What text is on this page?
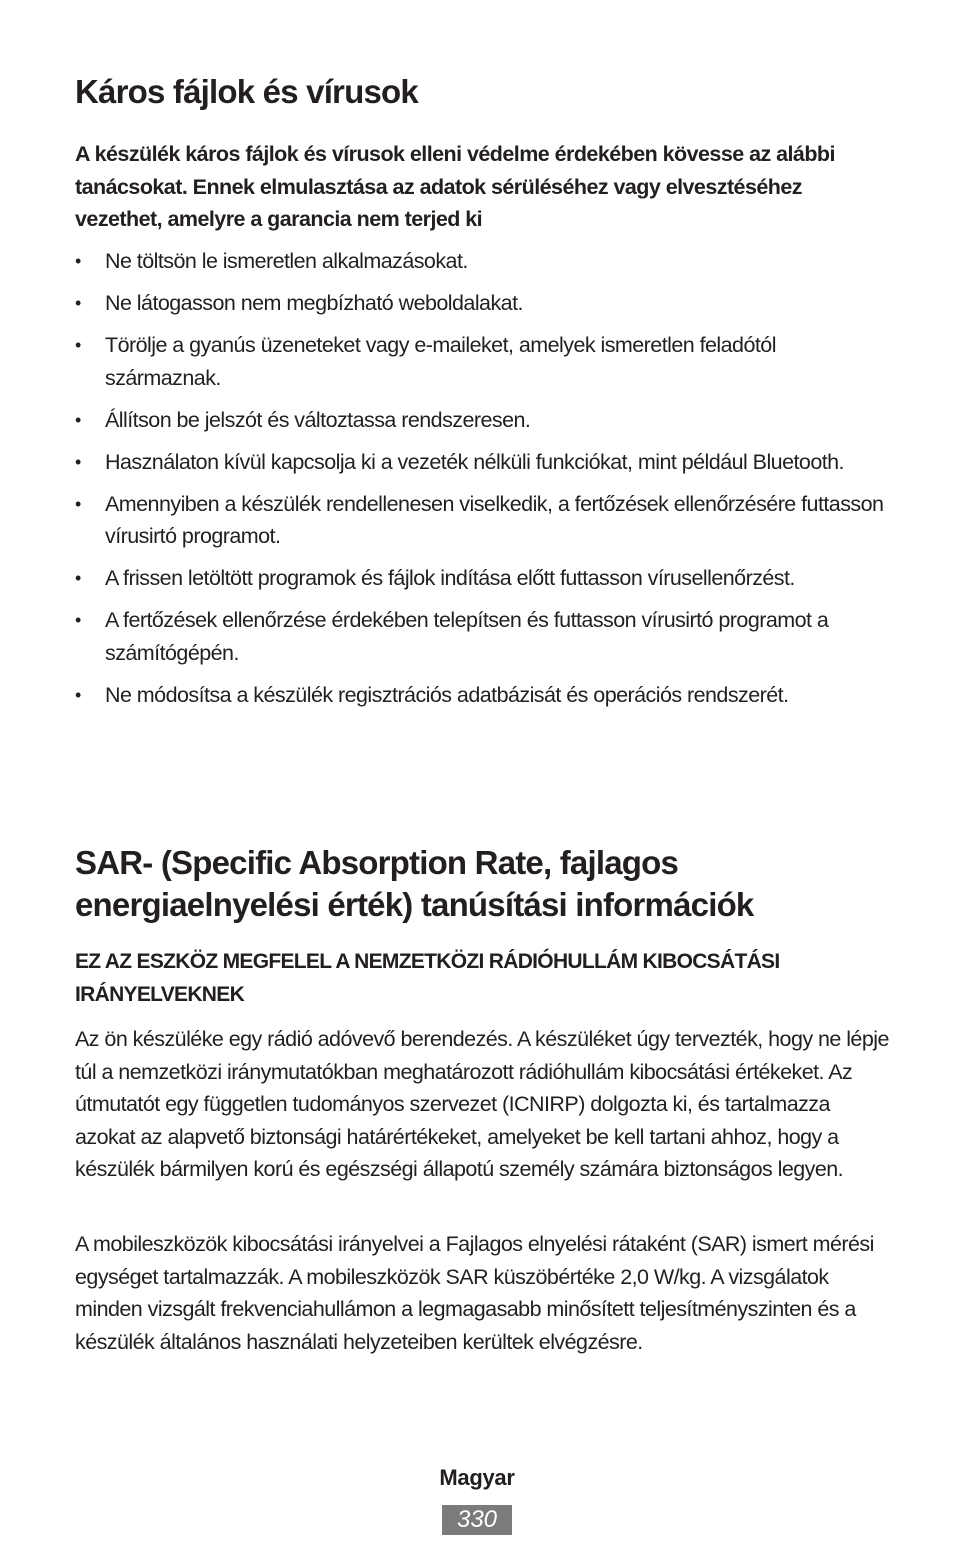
Káros fájlok és vírusok

A készülék káros fájlok és vírusok elleni védelme érdekében kövesse az alábbi tanácsokat. Ennek elmulasztása az adatok sérüléséhez vagy elvesztéséhez vezethet, amelyre a garancia nem terjed ki

• Ne töltsön le ismeretlen alkalmazásokat.
• Ne látogasson nem megbízható weboldalakat.
• Törölje a gyanús üzeneteket vagy e-maileket, amelyek ismeretlen feladótól származnak.
• Állítson be jelszót és változtassa rendszeresen.
• Használaton kívül kapcsolja ki a vezeték nélküli funkciókat, mint például Bluetooth.
• Amennyiben a készülék rendellenesen viselkedik, a fertőzések ellenőrzésére futtasson vírusirtó programot.
• A frissen letöltött programok és fájlok indítása előtt futtasson vírusellenőrzést.
• A fertőzések ellenőrzése érdekében telepítsen és futtasson vírusirtó programot a számítógépén.
• Ne módosítsa a készülék regisztrációs adatbázisát és operációs rendszerét.
SAR- (Specific Absorption Rate, fajlagos energiaelnyelési érték) tanúsítási információk

EZ AZ ESZKÖZ MEGFELEL A NEMZETKÖZI RÁDIÓHULLÁM KIBOCSÁTÁSI IRÁNYELVEKNEK

Az ön készüléke egy rádió adóvevő berendezés. A készüléket úgy tervezték, hogy ne lépje túl a nemzetközi iránymutatókban meghatározott rádióhullám kibocsátási értékeket. Az útmutatót egy független tudományos szervezet (ICNIRP) dolgozta ki, és tartalmazza azokat az alapvető biztonsági határértékeket, amelyeket be kell tartani ahhoz, hogy a készülék bármilyen korú és egészségi állapotú személy számára biztonságos legyen.

A mobileszközök kibocsátási irányelvei a Fajlagos elnyelési rátaként (SAR) ismert mérési egységet tartalmazzák. A mobileszközök SAR küszöbértéke 2,0 W/kg. A vizsgálatok minden vizsgált frekvenciahullámon a legmagasabb minősített teljesítményszinten és a készülék általános használati helyzeteiben kerültek elvégzésre.

Magyar
330
